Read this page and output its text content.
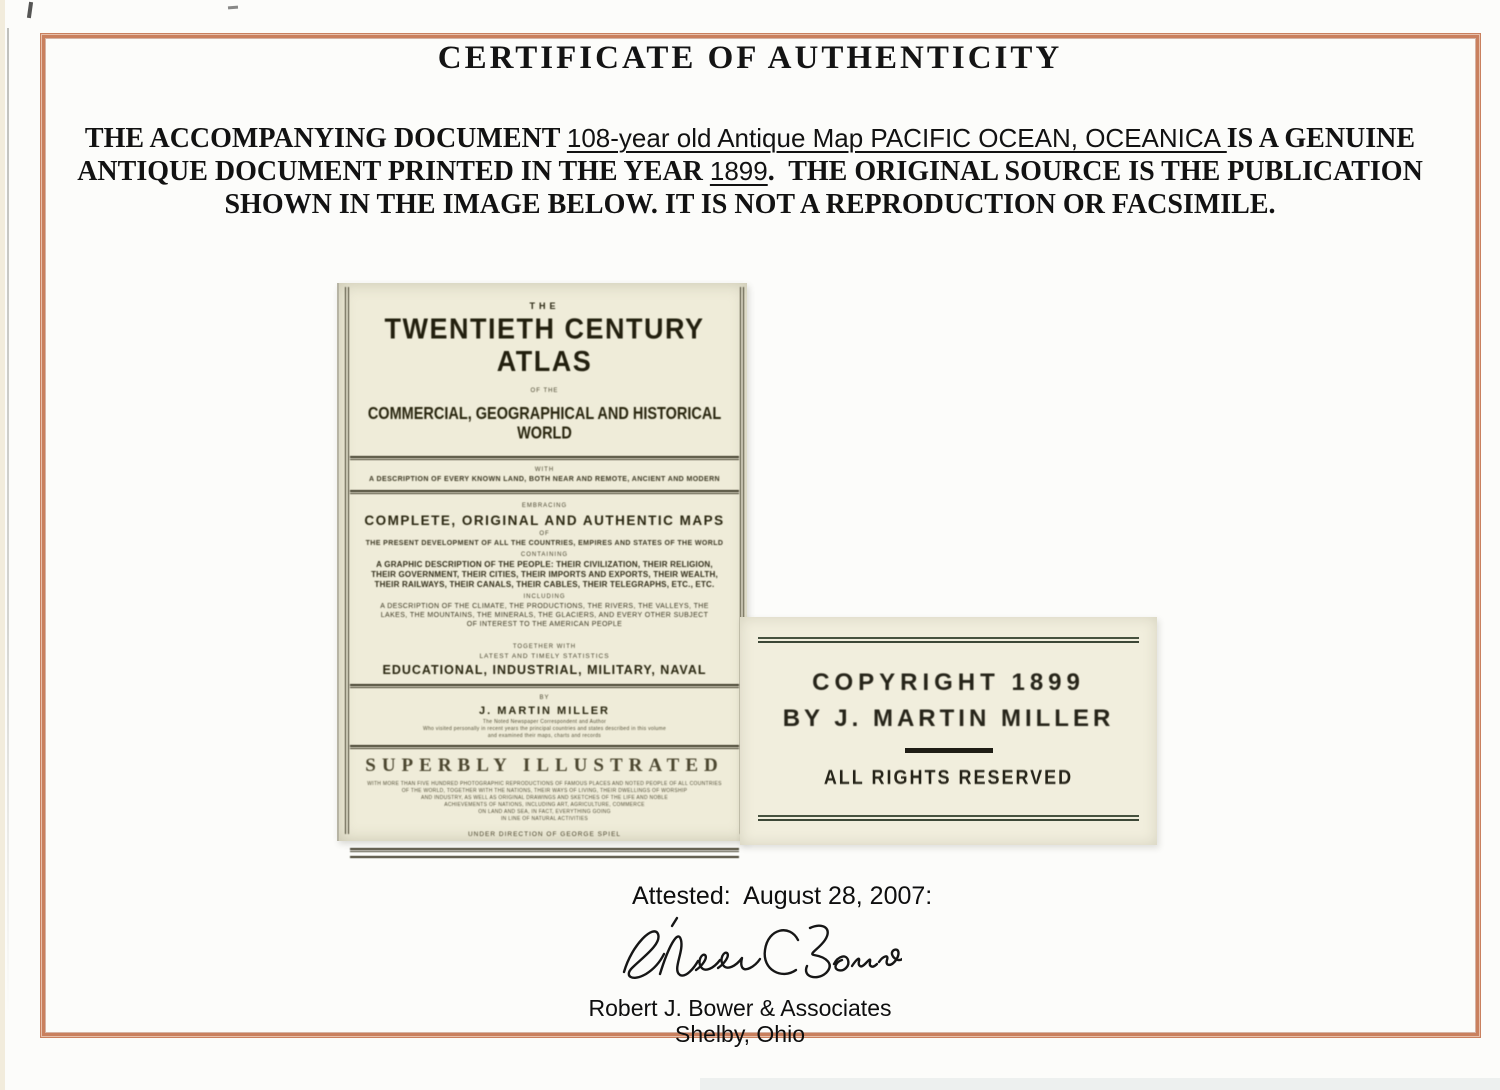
CERTIFICATE OF AUTHENTICITY
THE ACCOMPANYING DOCUMENT 108-year old Antique Map PACIFIC OCEAN, OCEANICA IS A GENUINE
ANTIQUE DOCUMENT PRINTED IN THE YEAR 1899.  THE ORIGINAL SOURCE IS THE PUBLICATION
SHOWN IN THE IMAGE BELOW. IT IS NOT A REPRODUCTION OR FACSIMILE.
THE
TWENTIETH CENTURY ATLAS
OF THE
COMMERCIAL, GEOGRAPHICAL AND HISTORICAL WORLD
WITH
A DESCRIPTION OF EVERY KNOWN LAND, BOTH NEAR AND REMOTE, ANCIENT AND MODERN
EMBRACING
COMPLETE, ORIGINAL AND AUTHENTIC MAPS
OF
THE PRESENT DEVELOPMENT OF ALL THE COUNTRIES, EMPIRES AND STATES OF THE WORLD
CONTAINING
A GRAPHIC DESCRIPTION OF THE PEOPLE: THEIR CIVILIZATION, THEIR RELIGION, THEIR GOVERNMENT, THEIR CITIES, THEIR IMPORTS AND EXPORTS, THEIR WEALTH, THEIR RAILWAYS, THEIR CANALS, THEIR CABLES, THEIR TELEGRAPHS, ETC., ETC.
INCLUDING
A DESCRIPTION OF THE CLIMATE, THE PRODUCTIONS, THE RIVERS, THE VALLEYS, THE LAKES, THE MOUNTAINS, THE MINERALS, THE GLACIERS, AND EVERY OTHER SUBJECT OF INTEREST TO THE AMERICAN PEOPLE
TOGETHER WITH
LATEST AND TIMELY STATISTICS
EDUCATIONAL, INDUSTRIAL, MILITARY, NAVAL
BY
J. MARTIN MILLER
The Noted Newspaper Correspondent and Author
Who visited personally in recent years the principal countries and states described in this volume
and examined their maps, charts and records
SUPERBLY ILLUSTRATED
WITH MORE THAN FIVE HUNDRED PHOTOGRAPHIC REPRODUCTIONS OF FAMOUS PLACES AND NOTED PEOPLE OF ALL COUNTRIES
OF THE WORLD, TOGETHER WITH THE NATIONS, THEIR WAYS OF LIVING, THEIR DWELLINGS OF WORSHIP
AND INDUSTRY, AS WELL AS ORIGINAL DRAWINGS AND SKETCHES OF THE LIFE AND NOBLE
ACHIEVEMENTS OF NATIONS, INCLUDING ART, AGRICULTURE, COMMERCE
ON LAND AND SEA, IN FACT, EVERYTHING GOING
IN LINE OF NATURAL ACTIVITIES
UNDER DIRECTION OF GEORGE SPIEL
COPYRIGHT 1899
BY J. MARTIN MILLER
ALL RIGHTS RESERVED
Attested:  August 28, 2007:
Robert J. Bower & Associates
Shelby, Ohio
